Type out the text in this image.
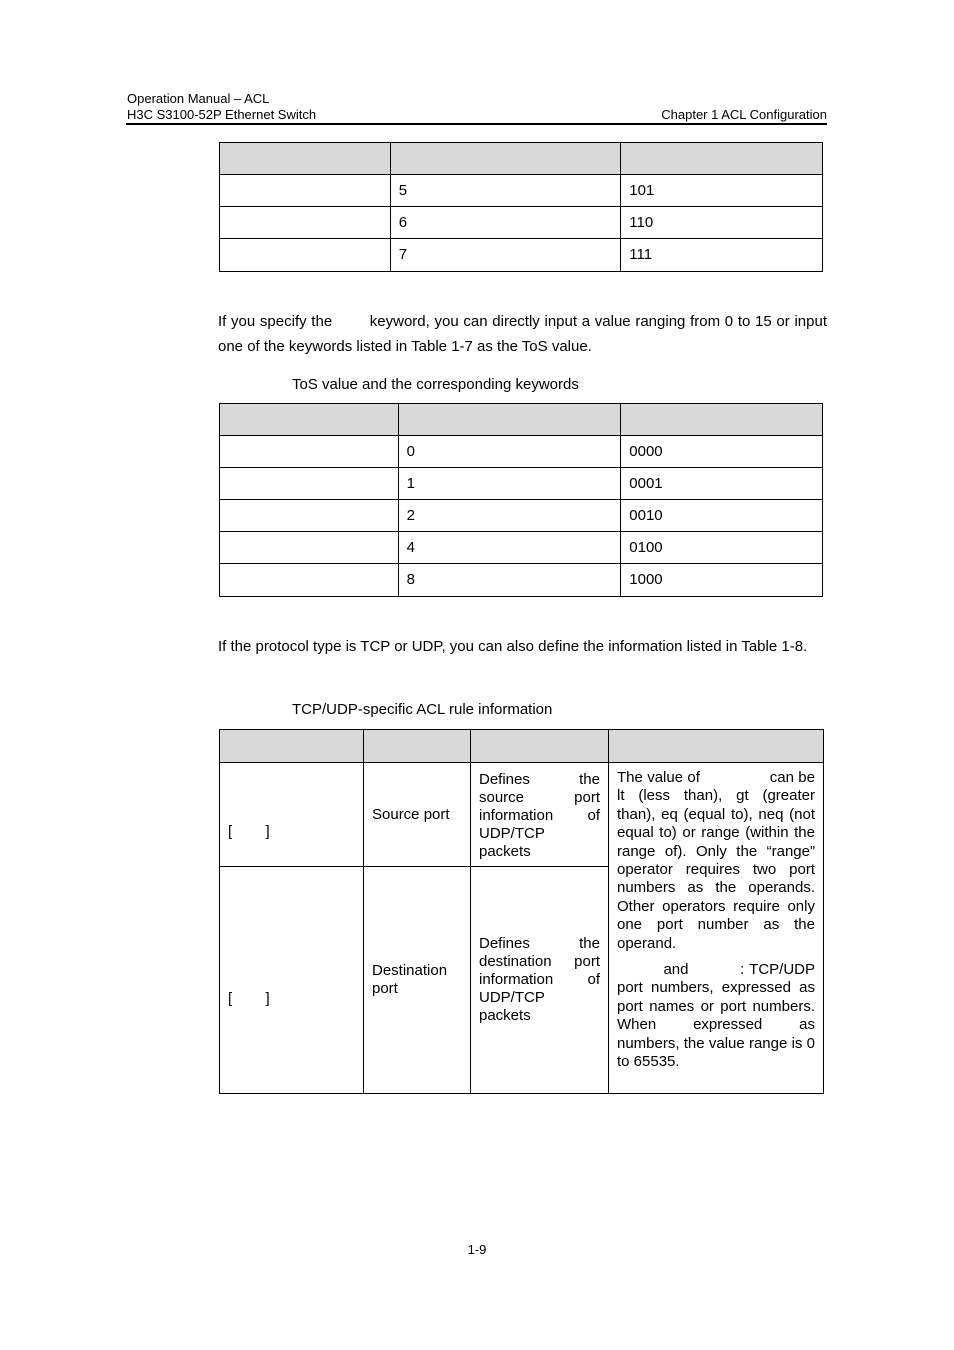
Operation Manual – ACL
H3C S3100-52P Ethernet Switch	Chapter 1 ACL Configuration

	5	101
	6	110
	7	111
If you specify the        keyword, you can directly input a value ranging from 0 to 15 or input one of the keywords listed in Table 1-7 as the ToS value.
ToS value and the corresponding keywords

	0	0000
	1	0001
	2	0010
	4	0100
	8	1000
If the protocol type is TCP or UDP, you can also define the information listed in Table 1-8.
TCP/UDP-specific ACL rule information

[        ]	Source port	Defines the source port information of UDP/TCP packets	The value of                can be lt (less than), gt (greater than), eq (equal to), neq (not equal to) or range (within the range of). Only the “range” operator requires two port numbers as the operands. Other operators require only one port number as the operand.
and          : TCP/UDP port numbers, expressed as port names or port numbers. When expressed as numbers, the value range is 0 to 65535.

[        ]	Destination port	Defines the destination port information of UDP/TCP packets	
1-9
